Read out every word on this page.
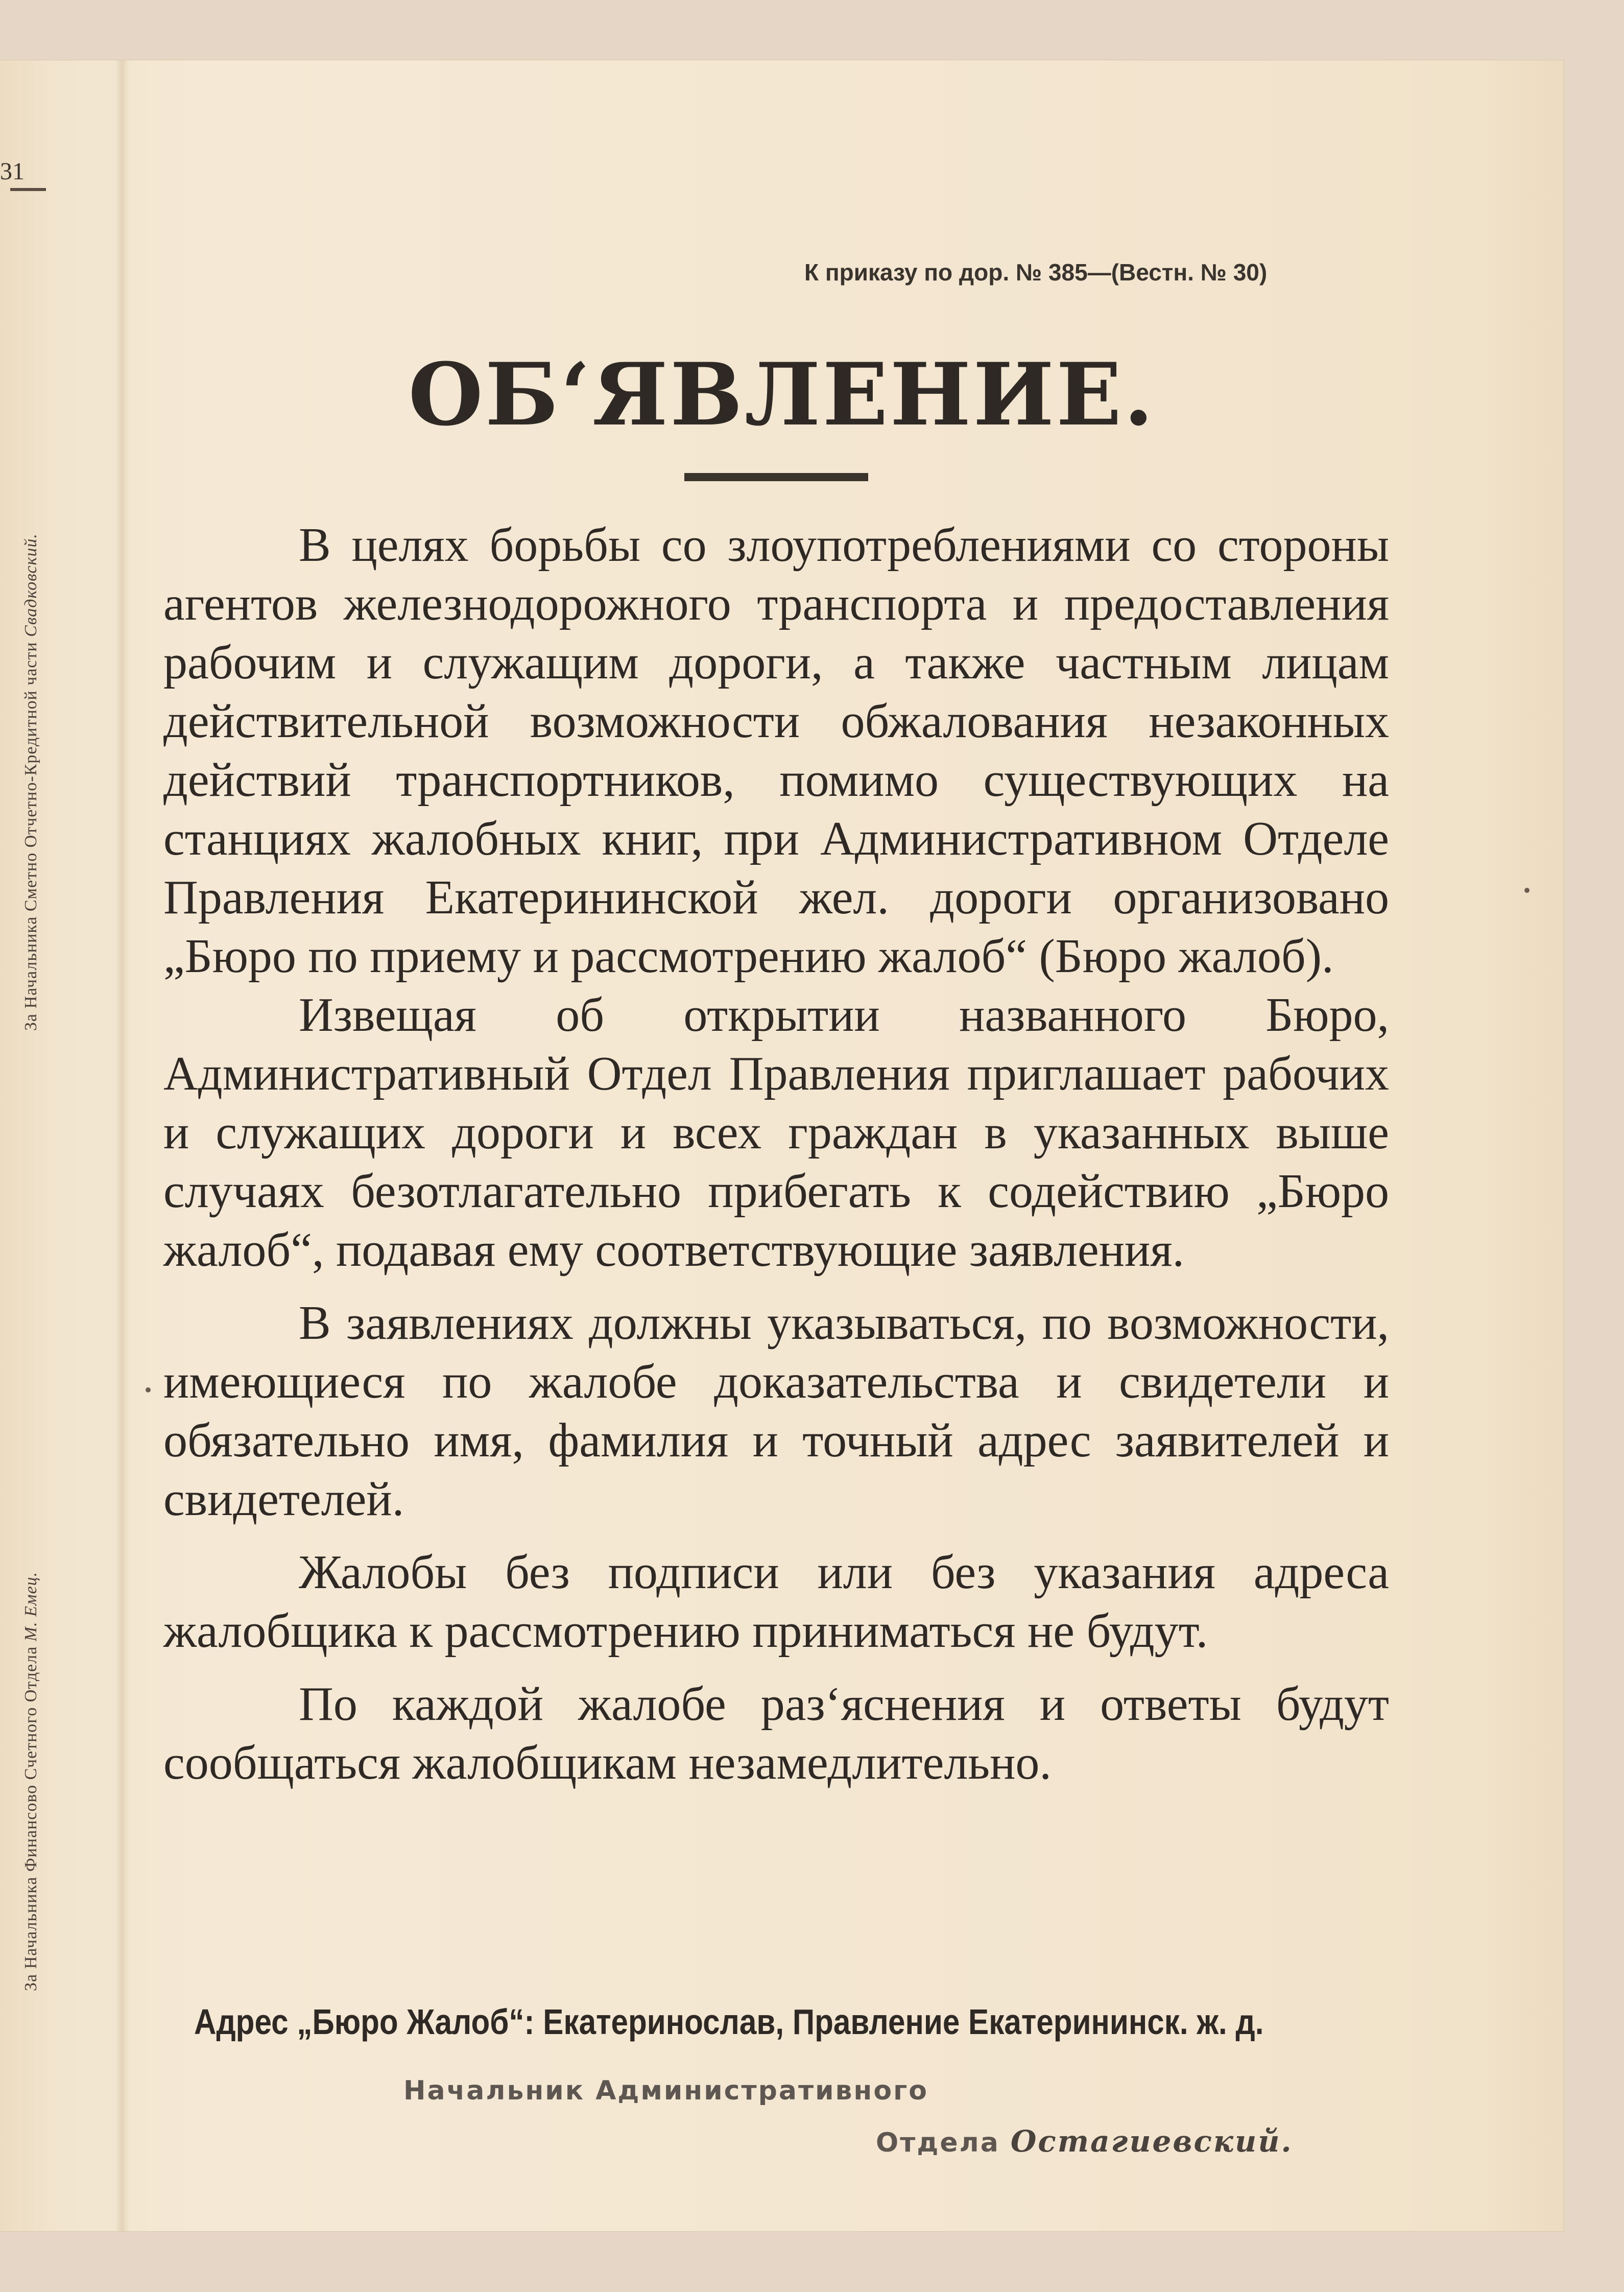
31
За Начальника Сметно Отчетно-Кредитной части Свадковский.
За Начальника Финансово Счетного Отдела М. Емец.
К приказу по дор. № 385—(Вестн. № 30)
ОБ‘ЯВЛЕНИЕ.

В целях борьбы со злоупотреблениями со стороны агентов железнодорожного транспорта и предоставления рабочим и служащим дороги, а также частным лицам действительной возможности обжалования незаконных действий транспортников, помимо существующих на станциях жалобных книг, при Административном Отделе Правления Екатерининской жел. дороги организовано „Бюро по приему и рассмотрению жалоб“ (Бюро жалоб).

Извещая об открытии названного Бюро, Административный Отдел Правления приглашает рабочих и служащих дороги и всех граждан в указанных выше случаях безотлагательно прибегать к содействию „Бюро жалоб“, подавая ему соответствующие заявления.

В заявлениях должны указываться, по возможности, имеющиеся по жалобе доказательства и свидетели и обязательно имя, фамилия и точный адрес заявителей и свидетелей.

Жалобы без подписи или без указания адреса жалобщика к рассмотрению приниматься не будут.

По каждой жалобе раз‘яснения и ответы будут сообщаться жалобщикам незамедлительно.

Адрес „Бюро Жалоб“: Екатеринослав, Правление Екатерининск. ж. д.
Начальник Административного
Отдела Остагиевский.
